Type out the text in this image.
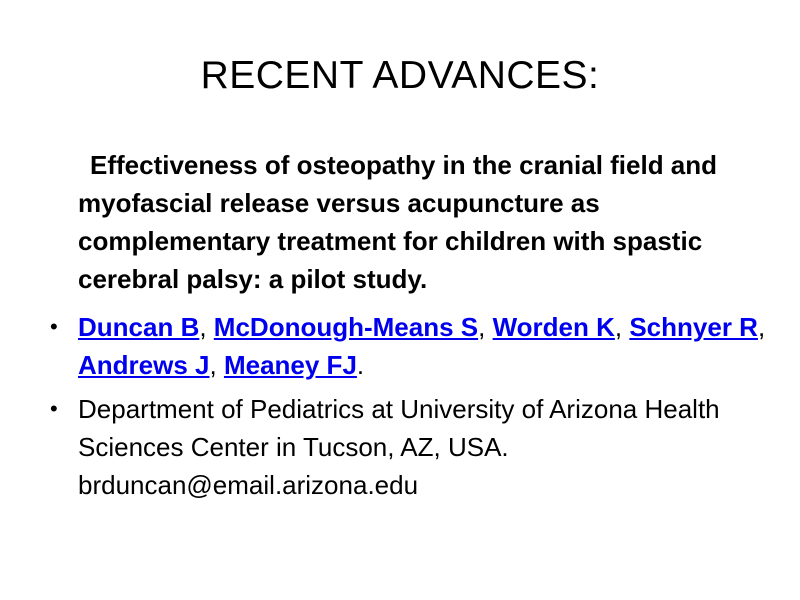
RECENT ADVANCES:

Effectiveness of osteopathy in the cranial field and myofascial release versus acupuncture as complementary treatment for children with spastic cerebral palsy: a pilot study.

• Duncan B, McDonough-Means S, Worden K, Schnyer R, Andrews J, Meaney FJ.
• Department of Pediatrics at University of Arizona Health Sciences Center in Tucson, AZ, USA. brduncan@email.arizona.edu
